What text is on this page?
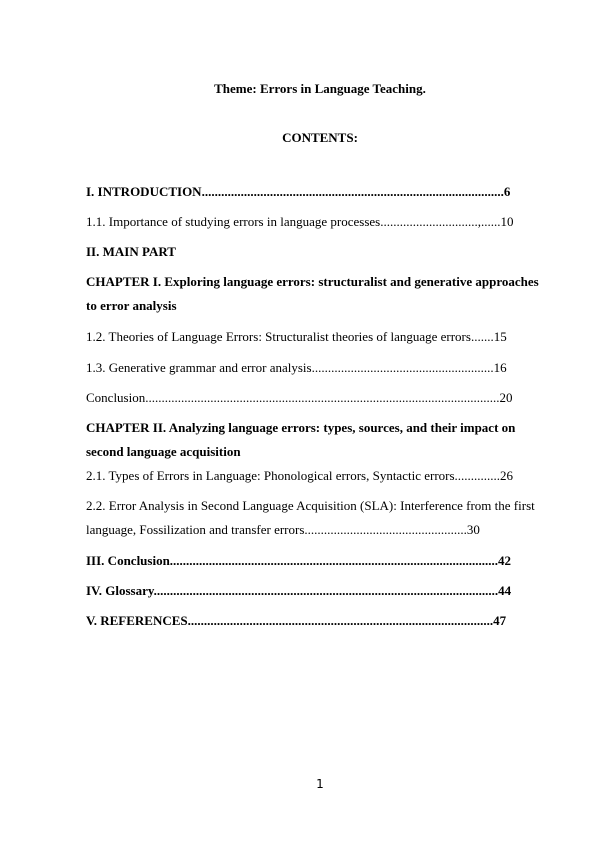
Theme: Errors in Language Teaching.
CONTENTS:
I. INTRODUCTION.............................................................................................6
1.1. Importance of studying errors in language processes..............................,......10
II. MAIN PART
CHAPTER I. Exploring language errors: structuralist and generative approaches to error analysis
1.2. Theories of Language Errors: Structuralist theories of language errors.......15
1.3. Generative grammar and error analysis........................................................16
Conclusion.............................................................................................................20
CHAPTER II. Analyzing language errors: types, sources, and their impact on second language acquisition
2.1. Types of Errors in Language: Phonological errors, Syntactic errors..............26
2.2. Error Analysis in Second Language Acquisition (SLA): Interference from the first language, Fossilization and transfer errors..................................................30
III. Conclusion.....................................................................................................42
IV. Glossary..........................................................................................................44
V. REFERENCES..............................................................................................47
1
